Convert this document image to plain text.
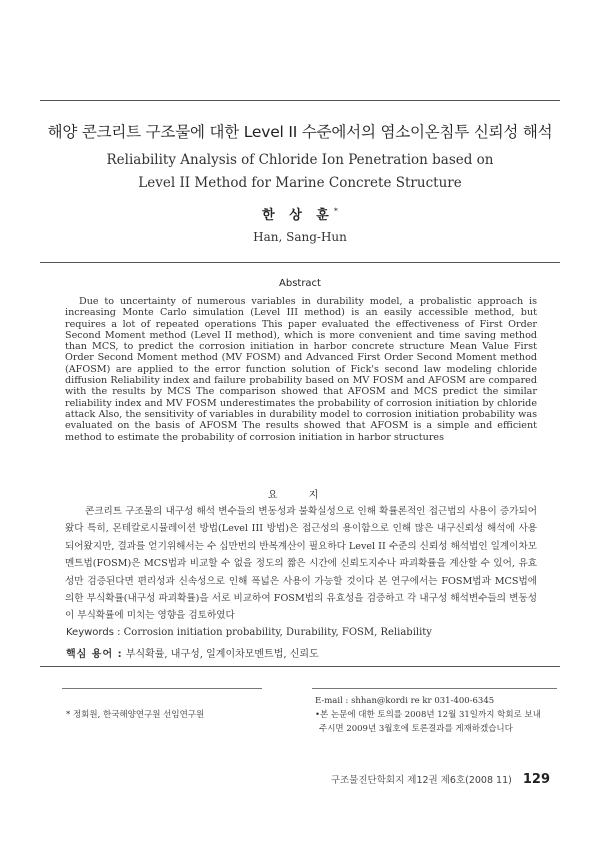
해양 콘크리트 구조물에 대한 Level II 수준에서의 염소이온침투 신뢰성 해석
Reliability Analysis of Chloride Ion Penetration based on
Level II Method for Marine Concrete Structure
한 상 훈*
Han, Sang-Hun
Abstract
Due to uncertainty of numerous variables in durability model, a probalistic approach is increasing Monte Carlo simulation (Level III method) is an easily accessible method, but requires a lot of repeated operations This paper evaluated the effectiveness of First Order Second Moment method (Level II method), which is more convenient and time saving method than MCS, to predict the corrosion initiation in harbor concrete structure Mean Value First Order Second Moment method (MV FOSM) and Advanced First Order Second Moment method (AFOSM) are applied to the error function solution of Fick's second law modeling chloride diffusion Reliability index and failure probability based on MV FOSM and AFOSM are compared with the results by MCS The comparison showed that AFOSM and MCS predict the similar reliability index and MV FOSM underestimates the probability of corrosion initiation by chloride attack Also, the sensitivity of variables in durability model to corrosion initiation probability was evaluated on the basis of AFOSM The results showed that AFOSM is a simple and efficient method to estimate the probability of corrosion initiation in harbor structures
요 지
콘크리트 구조물의 내구성 해석 변수들의 변동성과 불확실성으로 인해 확률론적인 접근법의 사용이 증가되어 왔다 특히, 몬테칼로시뮬레이션 방법(Level III 방법)은 접근성의 용이함으로 인해 많은 내구신뢰성 해석에 사용되어왔지만, 결과를 얻기위해서는 수 십만번의 반복계산이 필요하다 Level II 수준의 신뢰성 해석법인 일계이차모멘트법(FOSM)은 MCS법과 비교할 수 없을 정도의 짧은 시간에 신뢰도지수나 파괴확률을 계산할 수 있어, 유효성만 검증된다면 편리성과 신속성으로 인해 폭넓은 사용이 가능할 것이다 본 연구에서는 FOSM법과 MCS법에 의한 부식확률(내구성 파괴확률)을 서로 비교하여 FOSM법의 유효성을 검증하고 각 내구성 해석변수들의 변동성이 부식확률에 미치는 영향을 검토하였다
Keywords : Corrosion initiation probability, Durability, FOSM, Reliability
핵심 용어 : 부식확률, 내구성, 일계이차모멘트법, 신뢰도
* 정회원, 한국해양연구원 선임연구원
E-mail : shhan@kordi re kr 031-400-6345
•본 논문에 대한 토의를 2008년 12월 31일까지 학회로 보내
주시면 2009년 3월호에 토론결과를 게재하겠습니다
구조물진단학회지 제12권 제6호(2008 11) 129
